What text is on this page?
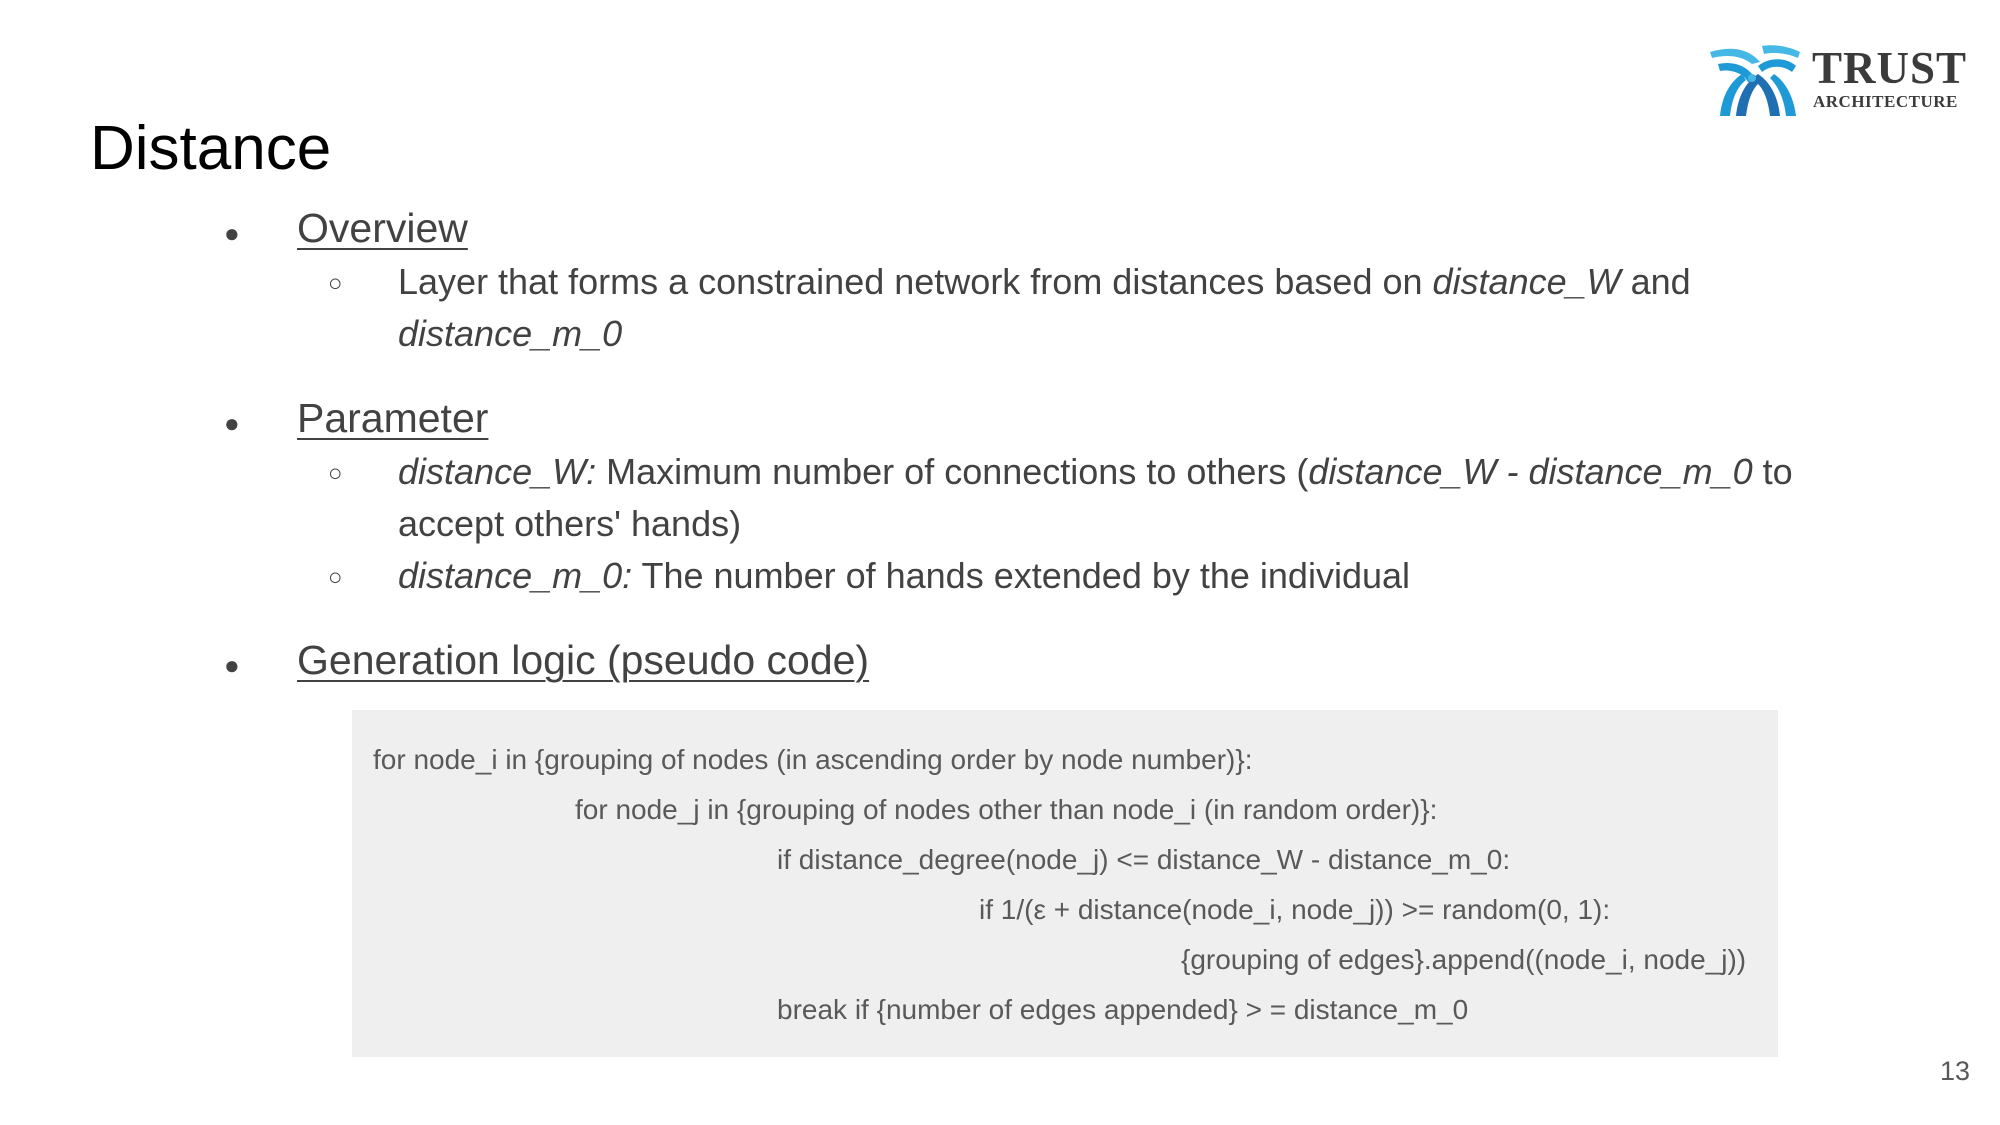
TRUST
ARCHITECTURE
Distance
● Overview
○ Layer that forms a constrained network from distances based on distance_W and
distance_m_0
● Parameter
○ distance_W: Maximum number of connections to others (distance_W - distance_m_0 to accept others' hands)
○ distance_m_0: The number of hands extended by the individual
● Generation logic (pseudo code)
for node_i in {grouping of nodes (in ascending order by node number)}:
for node_j in {grouping of nodes other than node_i (in random order)}:
if distance_degree(node_j) <= distance_W - distance_m_0:
if 1/(ε + distance(node_i, node_j)) >= random(0, 1):
{grouping of edges}.append((node_i, node_j))
break if {number of edges appended} > = distance_m_0
13
